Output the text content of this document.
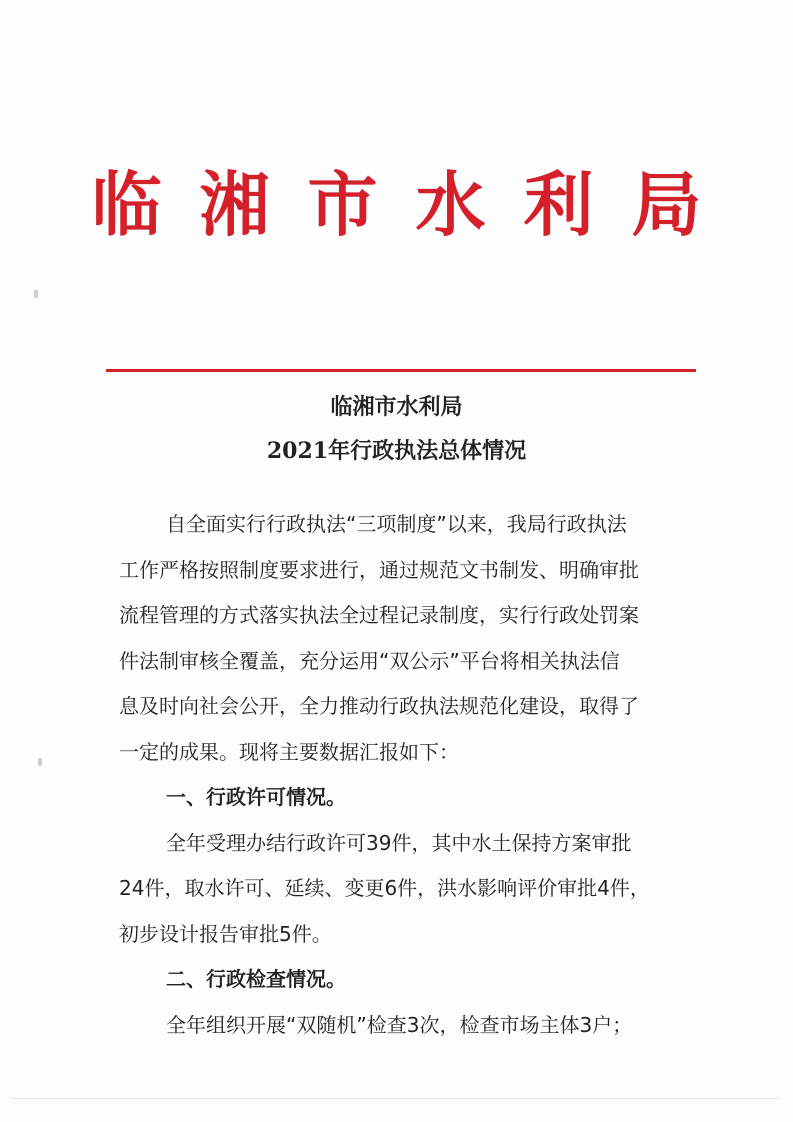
临湘市水利局
临湘市水利局
2021年行政执法总体情况
自全面实行行政执法“三项制度”以来，我局行政执法
工作严格按照制度要求进行，通过规范文书制发、明确审批
流程管理的方式落实执法全过程记录制度，实行行政处罚案
件法制审核全覆盖，充分运用“双公示”平台将相关执法信
息及时向社会公开，全力推动行政执法规范化建设，取得了
一定的成果。现将主要数据汇报如下：
一、行政许可情况。
全年受理办结行政许可39件，其中水土保持方案审批
24件，取水许可、延续、变更6件，洪水影响评价审批4件，
初步设计报告审批5件。
二、行政检查情况。
全年组织开展“双随机”检查3次，检查市场主体3户；
